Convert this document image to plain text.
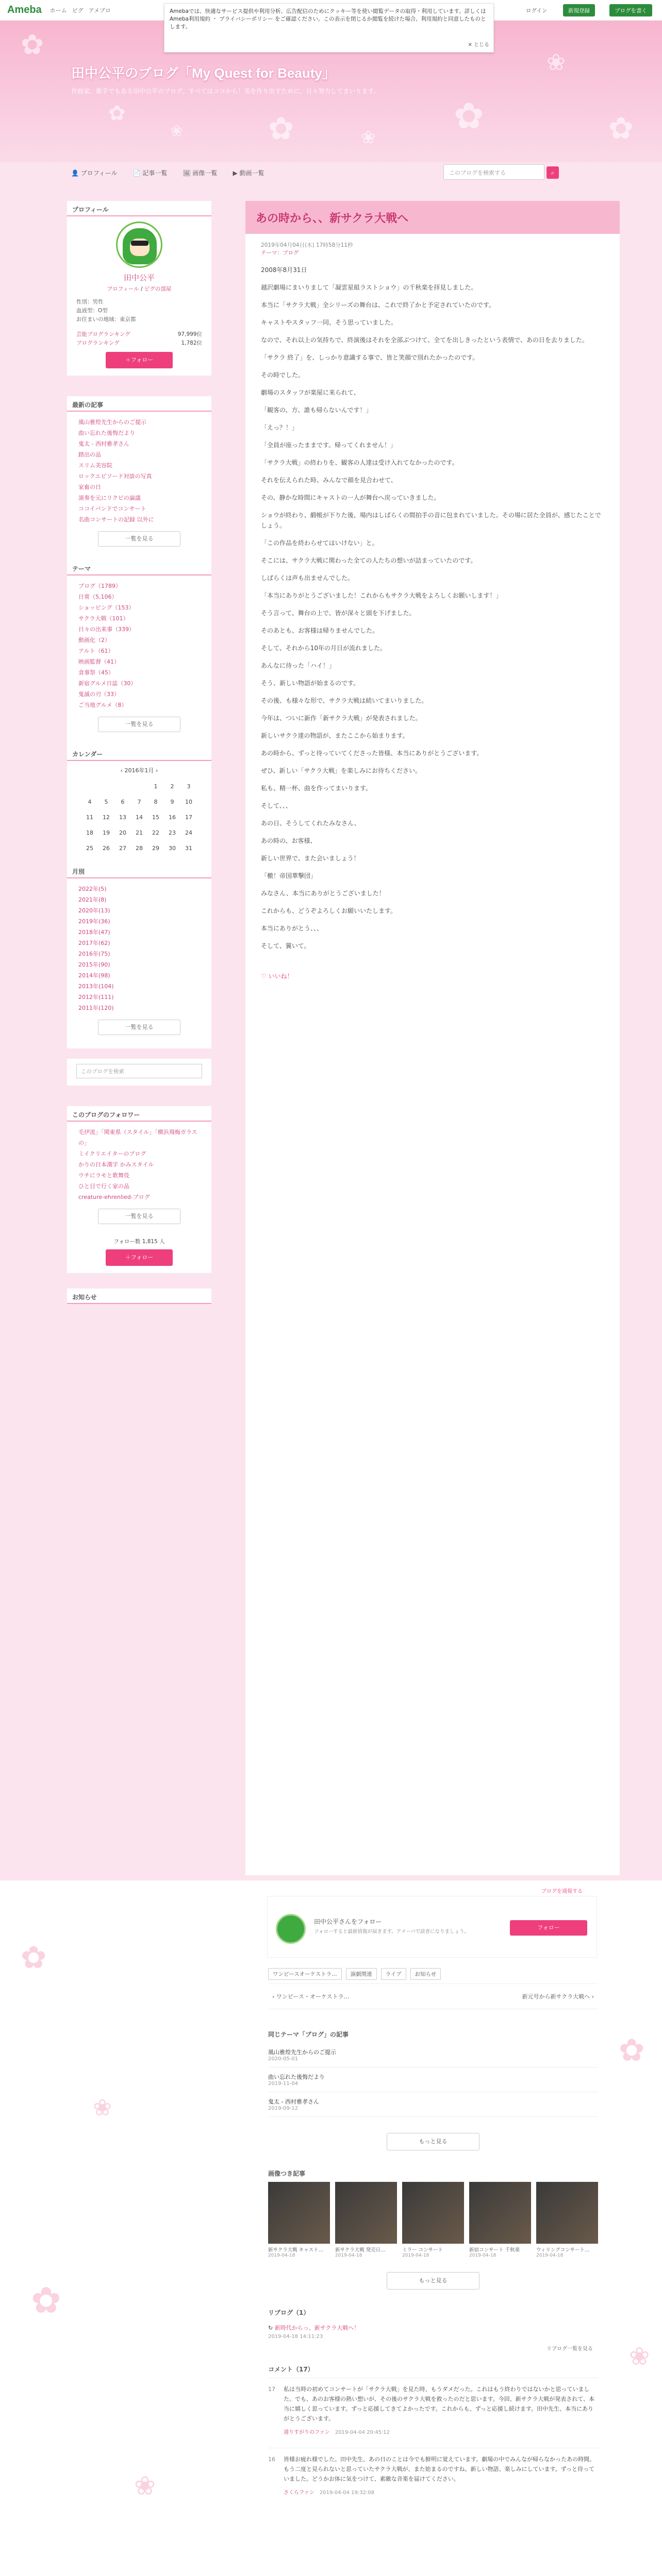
Ameba ホーム ピグ アメブロ	ログイン	新規登録	ブログを書く
✿
✿
❀	✿	❀
✿
❀
✿
田中公平のブログ「My Quest for Beauty」
作曲家、歌手でもある田中公平のブログ。すべてはココから！美を作り出すために、日々努力してまいります。
Amebaでは、快適なサービス提供や利用分析、広告配信のためにクッキー等を使い閲覧データの取得・利用しています。詳しくは Ameba利用規約 ・ プライバシーポリシー をご確認ください。この表示を閉じるか閲覧を続けた場合、利用規約と同意したものとします。
✕ とじる
👤 プロフィール	📄 記事一覧	🖼 画像一覧	▶ 動画一覧	このブログを検索する	⌕
プロフィール
田中公平
プロフィール / ピグの部屋
性別：男性
血液型：O型
お住まいの地域：東京都
芸能ブログランキング	97,999位
ブログランキング	1,782位
＋フォロー
最新の記事
風山雅煌先生からのご提示
曲い忘れた後悔だより
鬼太 - 西村雅孝さん
踏出の品
スリム美容院
ロックエピソード対談の写真
家畜の日
演奏を元にリクビの論議
ココイバンドでコンサート
名曲コンサートの記録 以外に
一覧を見る
テーマ
ブログ（1789）
日常（5,106）
ショッピング（153）
サクラ大戦（101）
日々の出来事（339）
動画化（2）
アルト（61）
映画監督（41）
食事祭（45）
新宿グルメ日誌（30）
鬼滅の刃（33）
ご当地グルメ（8）
一覧を見る
カレンダー
‹ 2016年1月 ›
				1	2	3
4	5	6	7	8	9	10
11	12	13	14	15	16	17
18	19	20	21	22	23	24
25	26	27	28	29	30	31
月別
2022年(5)
2021年(8)
2020年(13)
2019年(36)
2018年(47)
2017年(62)
2016年(75)
2015年(90)
2014年(98)
2013年(104)
2012年(111)
2011年(120)
一覧を見る
このブログを検索
このブログのフォロワー
毛伊流」「関東県（スタイル」「横浜飛梅ガラスの」
ミイクリエイターのブログ
かりの日本漢字 かみスタイル
ウチにラモと歌舞伎
ひと目で行く家の品
creature-ehrenlied-ブログ
一覧を見る
フォロー数 1,815 人
＋フォロー
お知らせ
あの時から、、新サクラ大戦へ
2019年04月04日(木) 17時58分11秒
テーマ：ブログ

2008年8月31日

越沢劇場にまいりまして「凝雲星組ラストショウ」の千秋楽を拝見しました。

本当に「サクラ大戦」全シリーズの舞台は、これで終了かと予定されていたのです。

キャストやスタッフ一同、そう思っていました。

なので、それ以上の気持ちで、終演後はそれを全部ぶつけて、全てを出しきったという表情で、あの日を去りました。

「サクラ 終了」を、しっかり意識する事で、皆と笑顔で別れたかったのです。

その時でした。

劇場のスタッフが楽屋に来られて、

「観客の、方、誰も帰らないんです！」

「えっ？！」

「全員が座ったままです。帰ってくれません！」

「サクラ大戦」の終わりを、観客の人達は受け入れてなかったのです。

それを伝えられた時、みんなで顔を見合わせて、

その、静かな時間にキャストの一人が舞台へ戻っていきました。

ショウが終わり、緞帳が下りた後、場内はしばらくの間拍手の音に包まれていました。その場に居た全員が、感じたことでしょう。

「この作品を終わらせてはいけない」と。

そこには、サクラ大戦に関わった全ての人たちの想いが詰まっていたのです。

しばらくは声も出ませんでした。

「本当にありがとうございました！これからもサクラ大戦をよろしくお願いします！」

そう言って、舞台の上で、皆が深々と頭を下げました。

そのあとも、お客様は帰りませんでした。

そして、それから10年の月日が流れました。

あんなに待った「ハイ！」

そう、新しい物語が始まるのです。

その後、も様々な形で、サクラ大戦は続いてまいりました。

今年は、ついに新作「新サクラ大戦」が発表されました。

新しいサクラ達の物語が、またここから始まります。

あの時から、ずっと待っていてくださった皆様、本当にありがとうございます。

ぜひ、新しい「サクラ大戦」を楽しみにお待ちください。

私も、精一杯、曲を作ってまいります。

そして、、、

あの日、そうしてくれたみなさん、

あの時の、お客様、

新しい世界で、また会いましょう！

「檄！帝国華撃団」

みなさん、本当にありがとうございました！

これからも、どうぞよろしくお願いいたします。

本当にありがとう、、、

そして、翼いて。

♡ いいね！
田中公平さんをフォロー
フォローすると最新情報が届きます。アメーバで読者になりましょう。
フォロー
ブログを通報する
ワンピースオーケストラ…	演劇関連	ライブ	お知らせ
‹ ワンピース・オーケストラ…	新元号から新サクラ大戦へ ›
同じテーマ「ブログ」の記事
風山雅煌先生からのご提示
2020-05-01
曲い忘れた後悔だより
2019-11-04
鬼太 - 西村雅孝さん
2019-09-12
もっと見る
画像つき記事
新サクラ大戦 キャスト…
2019-04-18
新サクラ大戦 発売日…
2019-04-18
ミラー コンサート
2019-04-18
新宿コンサート 千秋楽
2019-04-18
ウィリングコンサート…
2019-04-18
もっと見る
リブログ（1）
↻ 新時代からっ、新サクラ大戦へ！
2019-04-18 14:11:23
リブログ一覧を見る
コメント（17）
17 私は当時の初めてコンサートが「サクラ大戦」を見た時、もうダメだった。これはもう終わりではないかと思っていました。でも、あのお客様の熱い想いが、その後のサクラ大戦を救ったのだと思います。今回、新サクラ大戦が発表されて、本当に嬉しく思っています。ずっと応援してきてよかったです。これからも、ずっと応援し続けます。田中先生、本当にありがとうございます。
通りすがりのファン 2019-04-04 20:45:12
16 皆様お疲れ様でした。田中先生、あの日のことは今でも鮮明に覚えています。劇場の中でみんなが帰らなかったあの時間。もう二度と見られないと思っていたサクラ大戦が、また始まるのですね。新しい物語、楽しみにしています。ずっと待っていました。どうかお体に気をつけて、素敵な音楽を届けてください。
さくらファン 2019-04-04 19:32:08
✿
❀
✿
❀
✿
❀
